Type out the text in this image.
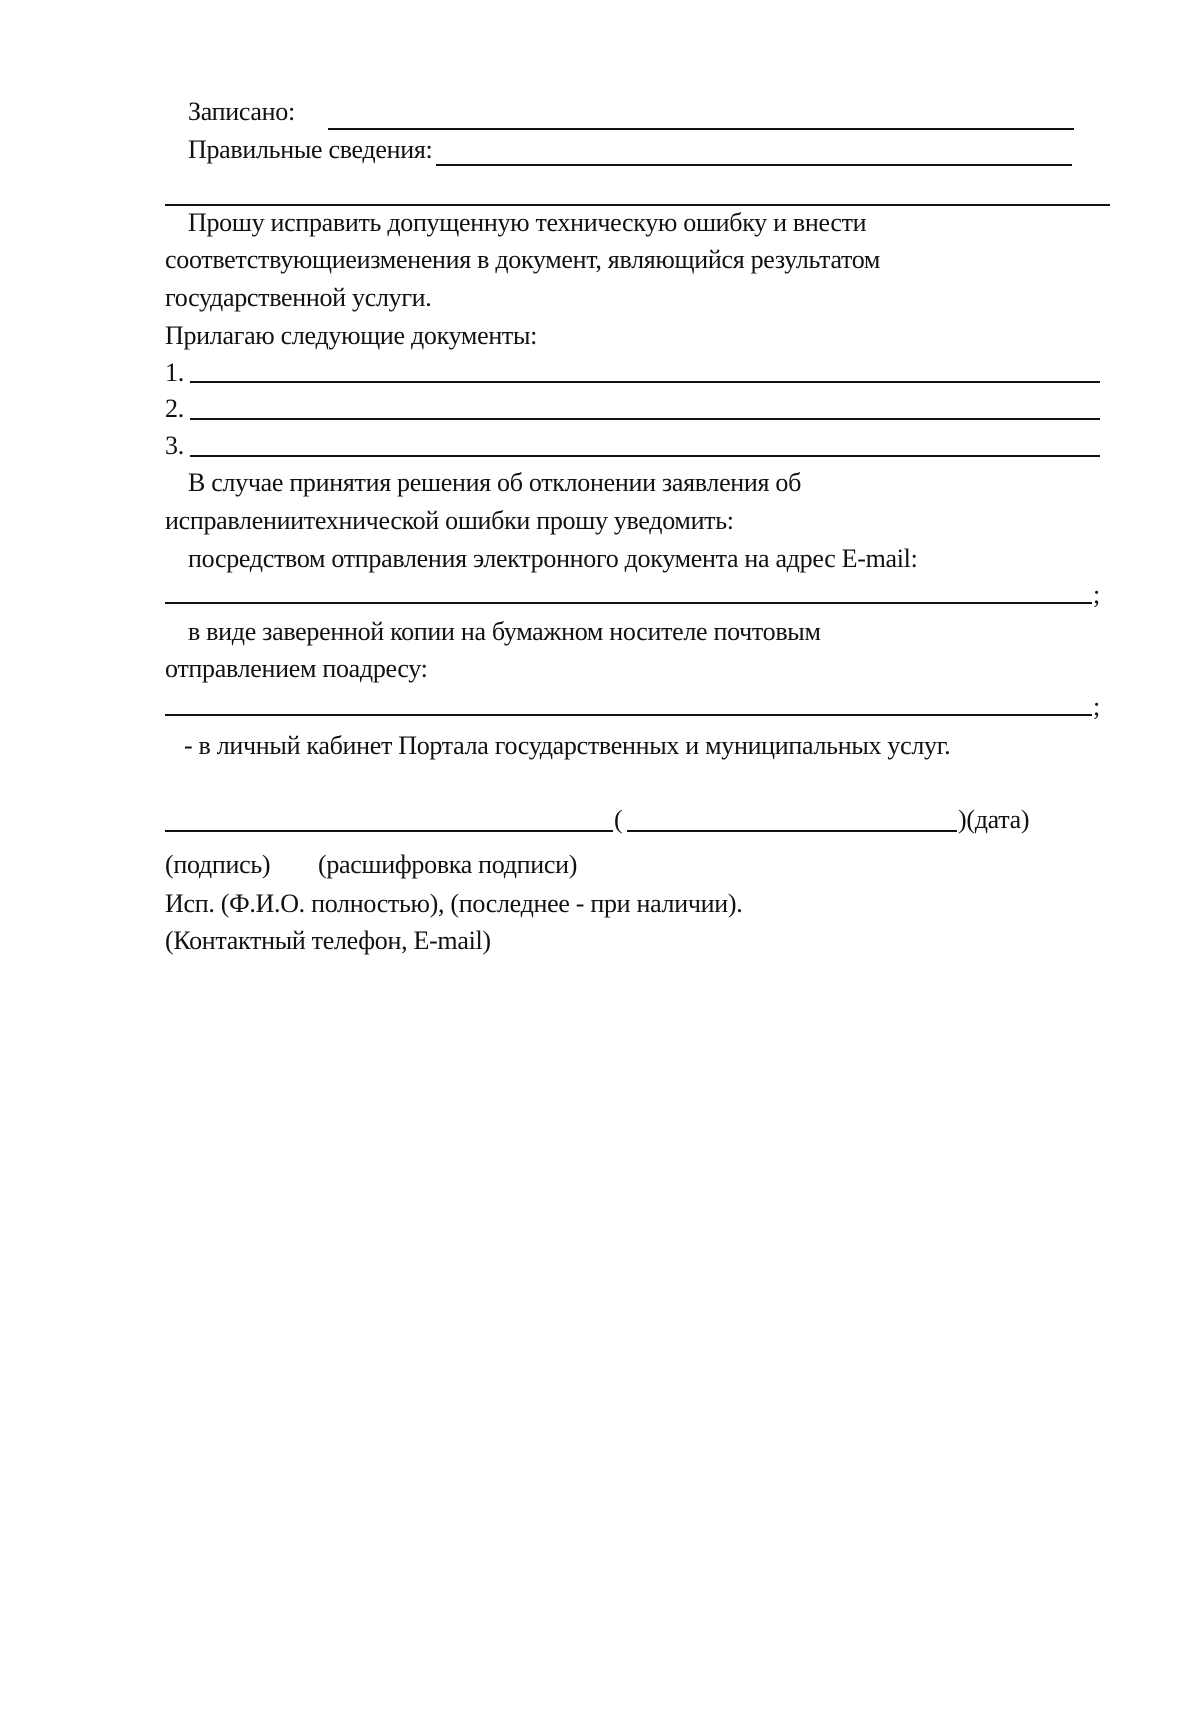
Записано:
Правильные сведения:
Прошу исправить допущенную техническую ошибку и внести
соответствующиеизменения в документ, являющийся результатом
государственной услуги.
Прилагаю следующие документы:
1.
2.
3.
В случае принятия решения об отклонении заявления об
исправлениитехнической ошибки прошу уведомить:
посредством отправления электронного документа на адрес E-mail:
;
в виде заверенной копии на бумажном носителе почтовым
отправлением поадресу:
;
- в личный кабинет Портала государственных и муниципальных услуг.
(	)(дата)
(подпись) (расшифровка подписи)
Исп. (Ф.И.О. полностью), (последнее - при наличии).
(Контактный телефон, E-mail)
